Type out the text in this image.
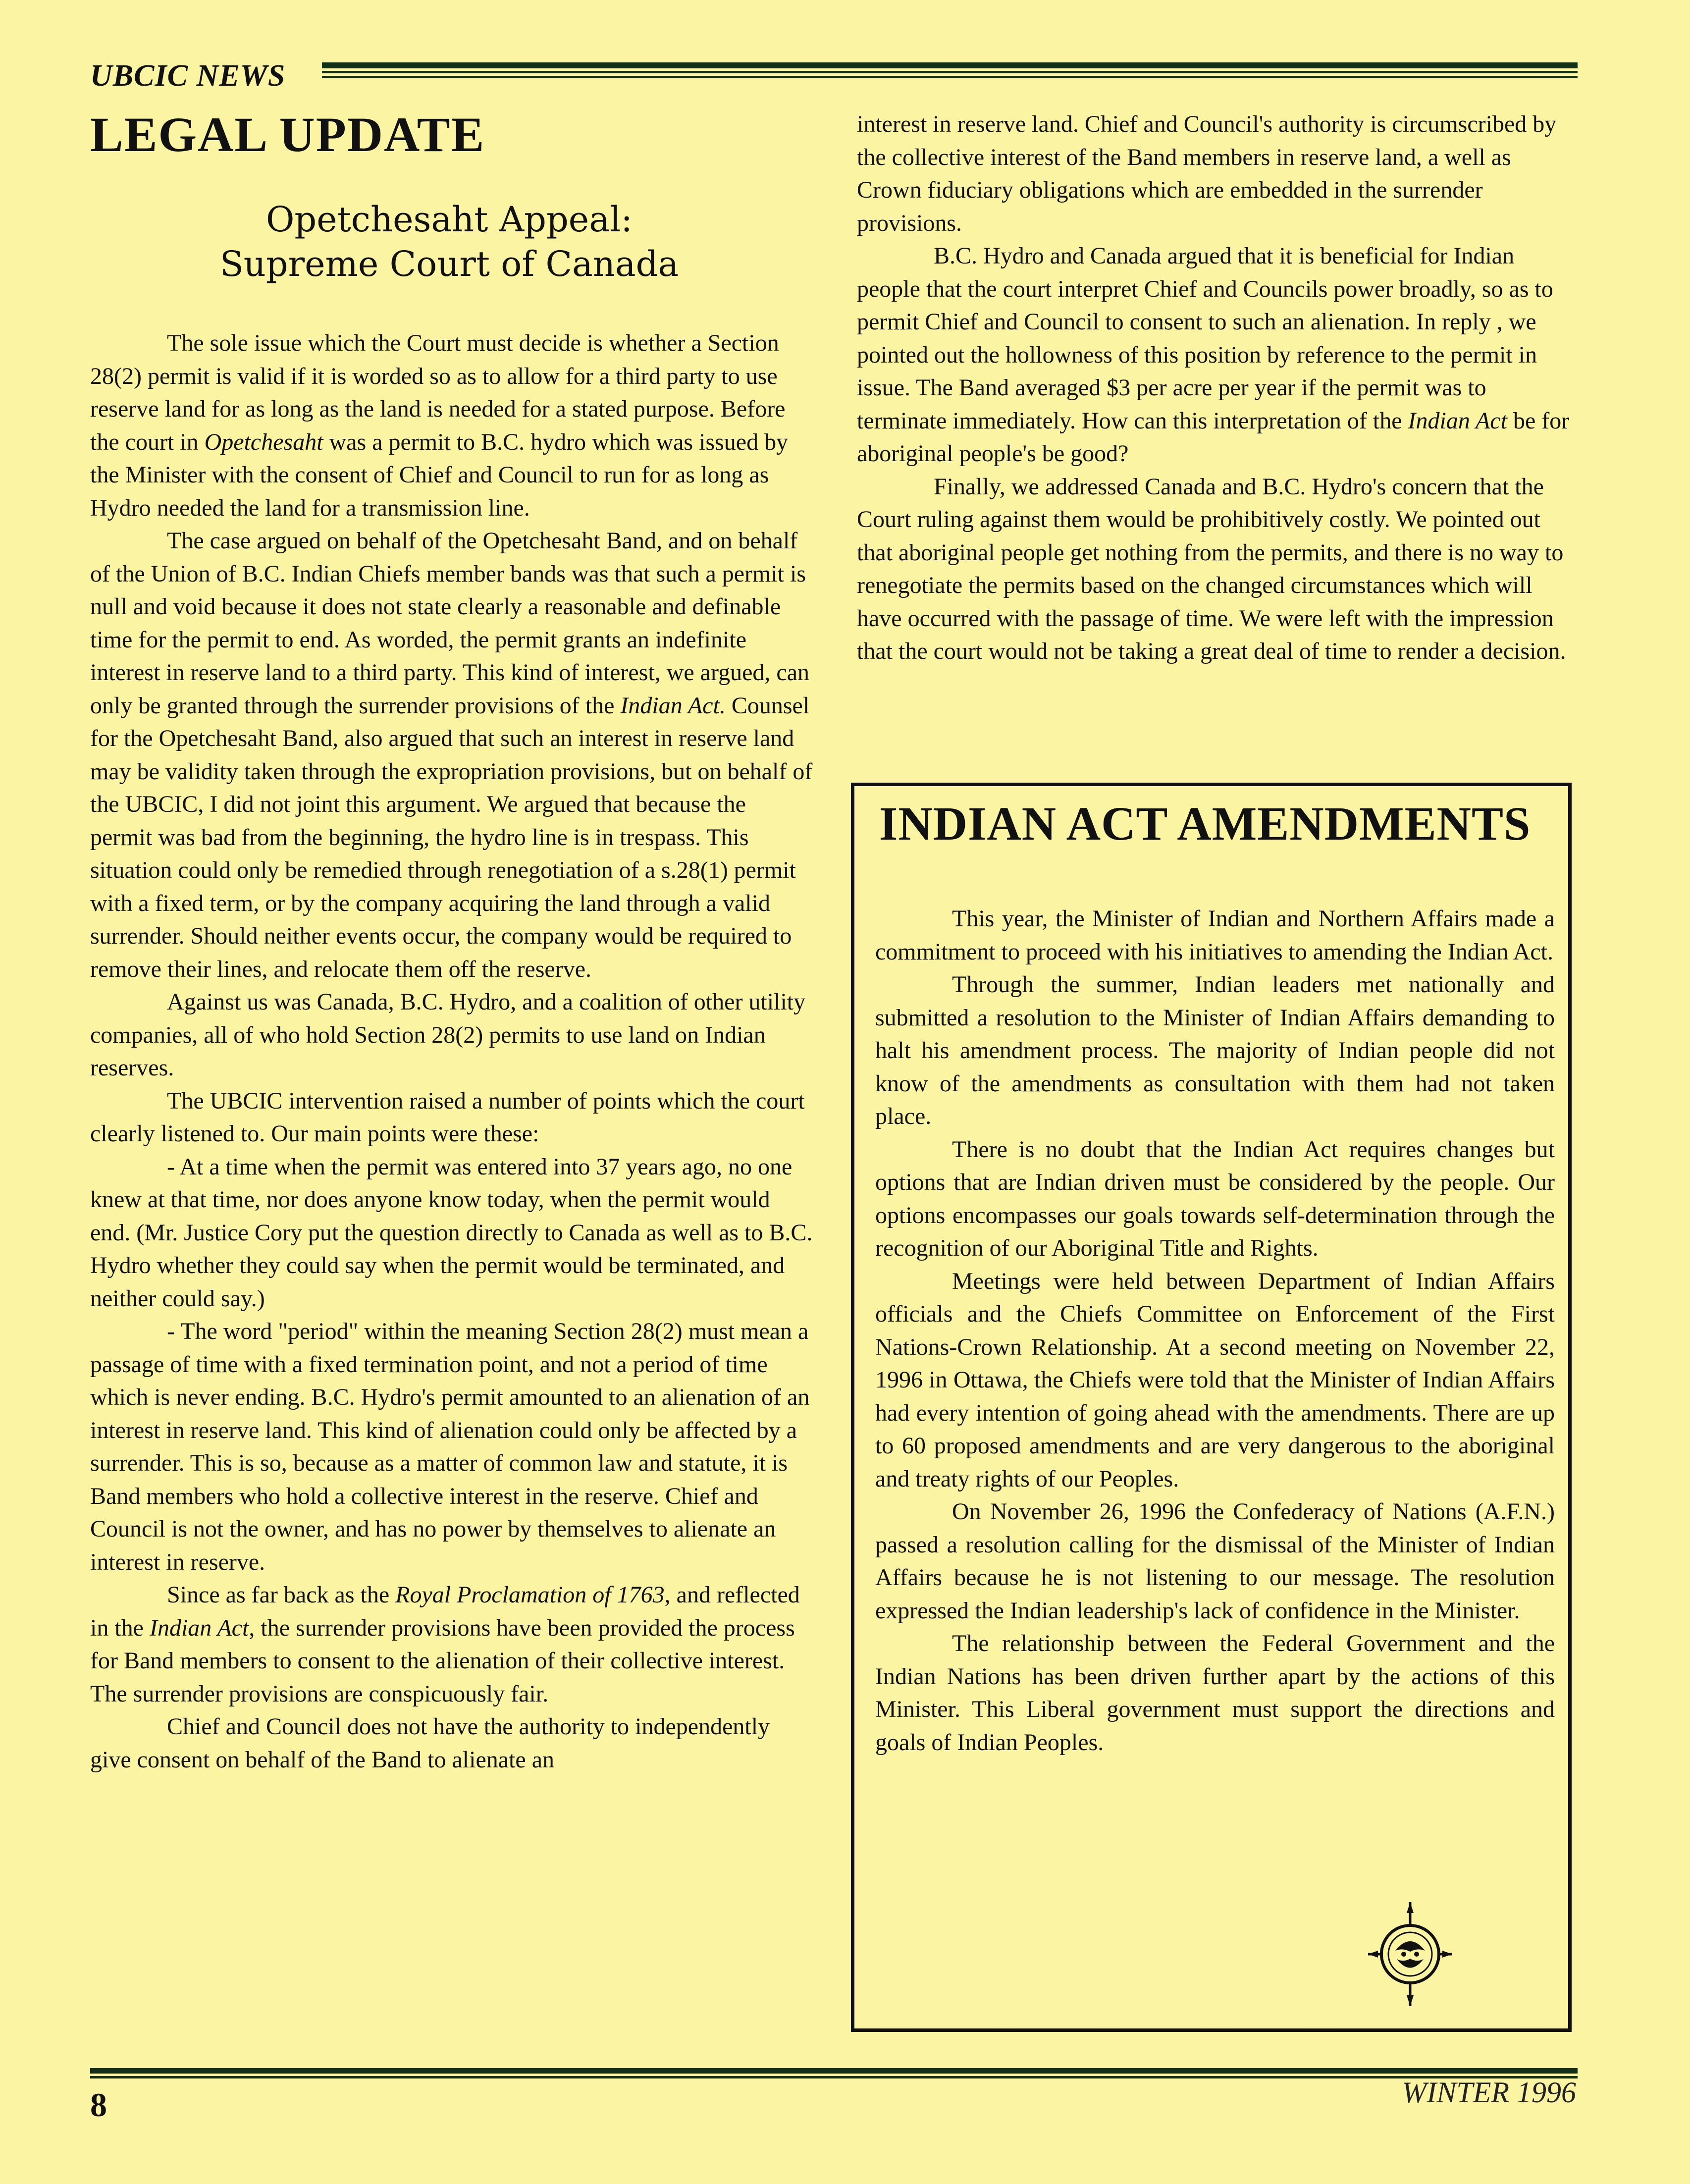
UBCIC NEWS
LEGAL UPDATE
Opetchesaht Appeal:
Supreme Court of Canada

The sole issue which the Court must decide is whether a Section 28(2) permit is valid if it is worded so as to allow for a third party to use reserve land for as long as the land is needed for a stated purpose. Before the court in Opetchesaht was a permit to B.C. hydro which was issued by the Minister with the consent of Chief and Council to run for as long as Hydro needed the land for a transmission line.

The case argued on behalf of the Opetchesaht Band, and on behalf of the Union of B.C. Indian Chiefs member bands was that such a permit is null and void because it does not state clearly a reasonable and definable time for the permit to end. As worded, the permit grants an indefinite interest in reserve land to a third party. This kind of interest, we argued, can only be granted through the surrender provisions of the Indian Act. Counsel for the Opetchesaht Band, also argued that such an interest in reserve land may be validity taken through the expropriation provisions, but on behalf of the UBCIC, I did not joint this argument. We argued that because the permit was bad from the beginning, the hydro line is in trespass. This situation could only be remedied through renegotiation of a s.28(1) permit with a fixed term, or by the company acquiring the land through a valid surrender. Should neither events occur, the company would be required to remove their lines, and relocate them off the reserve.

Against us was Canada, B.C. Hydro, and a coalition of other utility companies, all of who hold Section 28(2) permits to use land on Indian reserves.

The UBCIC intervention raised a number of points which the court clearly listened to. Our main points were these:

- At a time when the permit was entered into 37 years ago, no one knew at that time, nor does anyone know today, when the permit would end. (Mr. Justice Cory put the question directly to Canada as well as to B.C. Hydro whether they could say when the permit would be terminated, and neither could say.)

- The word "period" within the meaning Section 28(2) must mean a passage of time with a fixed termination point, and not a period of time which is never ending. B.C. Hydro's permit amounted to an alienation of an interest in reserve land. This kind of alienation could only be affected by a surrender. This is so, because as a matter of common law and statute, it is Band members who hold a collective interest in the reserve. Chief and Council is not the owner, and has no power by themselves to alienate an interest in reserve.

Since as far back as the Royal Proclamation of 1763, and reflected in the Indian Act, the surrender provisions have been provided the process for Band members to consent to the alienation of their collective interest. The surrender provisions are conspicuously fair.

Chief and Council does not have the authority to independently give consent on behalf of the Band to alienate an

interest in reserve land. Chief and Council's authority is circumscribed by the collective interest of the Band members in reserve land, a well as Crown fiduciary obligations which are embedded in the surrender provisions.

B.C. Hydro and Canada argued that it is beneficial for Indian people that the court interpret Chief and Councils power broadly, so as to permit Chief and Council to consent to such an alienation. In reply , we pointed out the hollowness of this position by reference to the permit in issue. The Band averaged $3 per acre per year if the permit was to terminate immediately. How can this interpretation of the Indian Act be for aboriginal people's be good?

Finally, we addressed Canada and B.C. Hydro's concern that the Court ruling against them would be prohibitively costly. We pointed out that aboriginal people get nothing from the permits, and there is no way to renegotiate the permits based on the changed circumstances which will have occurred with the passage of time. We were left with the impression that the court would not be taking a great deal of time to render a decision.

INDIAN ACT AMENDMENTS

This year, the Minister of Indian and Northern Affairs made a commitment to proceed with his initiatives to amending the Indian Act.

Through the summer, Indian leaders met nationally and submitted a resolution to the Minister of Indian Affairs demanding to halt his amendment process. The majority of Indian people did not know of the amendments as consultation with them had not taken place.

There is no doubt that the Indian Act requires changes but options that are Indian driven must be considered by the people. Our options encompasses our goals towards self-determination through the recognition of our Aboriginal Title and Rights.

Meetings were held between Department of Indian Affairs officials and the Chiefs Committee on Enforcement of the First Nations-Crown Relationship. At a second meeting on November 22, 1996 in Ottawa, the Chiefs were told that the Minister of Indian Affairs had every intention of going ahead with the amendments. There are up to 60 proposed amendments and are very dangerous to the aboriginal and treaty rights of our Peoples.

On November 26, 1996 the Confederacy of Nations (A.F.N.) passed a resolution calling for the dismissal of the Minister of Indian Affairs because he is not listening to our message. The resolution expressed the Indian leadership's lack of confidence in the Minister.

The relationship between the Federal Government and the Indian Nations has been driven further apart by the actions of this Minister. This Liberal government must support the directions and goals of Indian Peoples.

8	WINTER 1996
